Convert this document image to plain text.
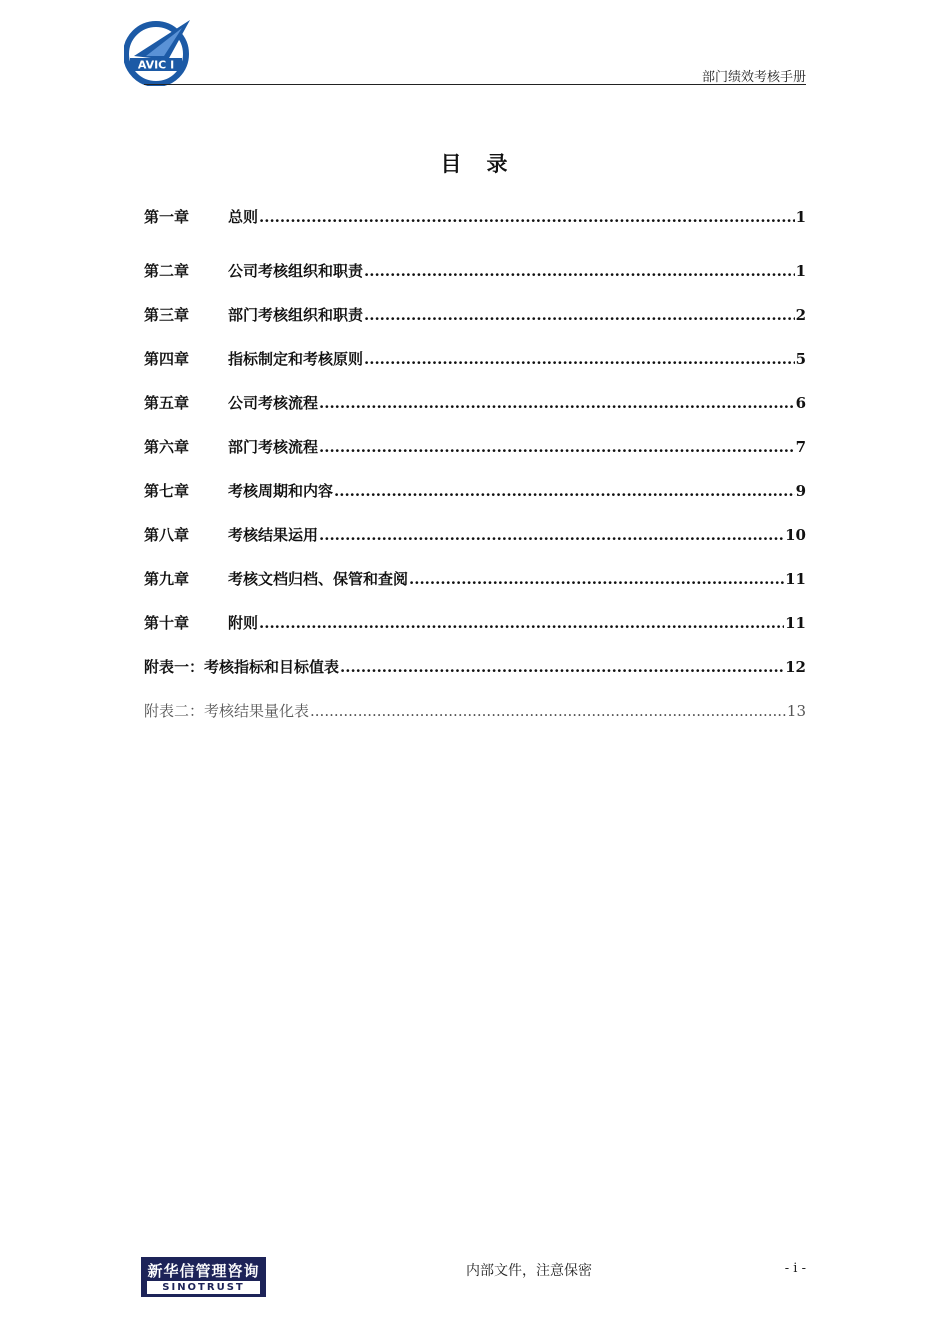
AVIC I
部门绩效考核手册
目　录
第一章	总则 .....	1
第二章	公司考核组织和职责 .....	1
第三章	部门考核组织和职责 .....	2
第四章	指标制定和考核原则 .....	5
第五章	公司考核流程 .....	6
第六章	部门考核流程 .....	7
第七章	考核周期和内容 .....	9
第八章	考核结果运用 .....	10
第九章	考核文档归档、保管和查阅 .....	11
第十章	附则 .....	11
附表一：考核指标和目标值表 .....	12
附表二：考核结果量化表 .....	13
新华信管理咨询
SINOTRUST
内部文件，注意保密	- i -
